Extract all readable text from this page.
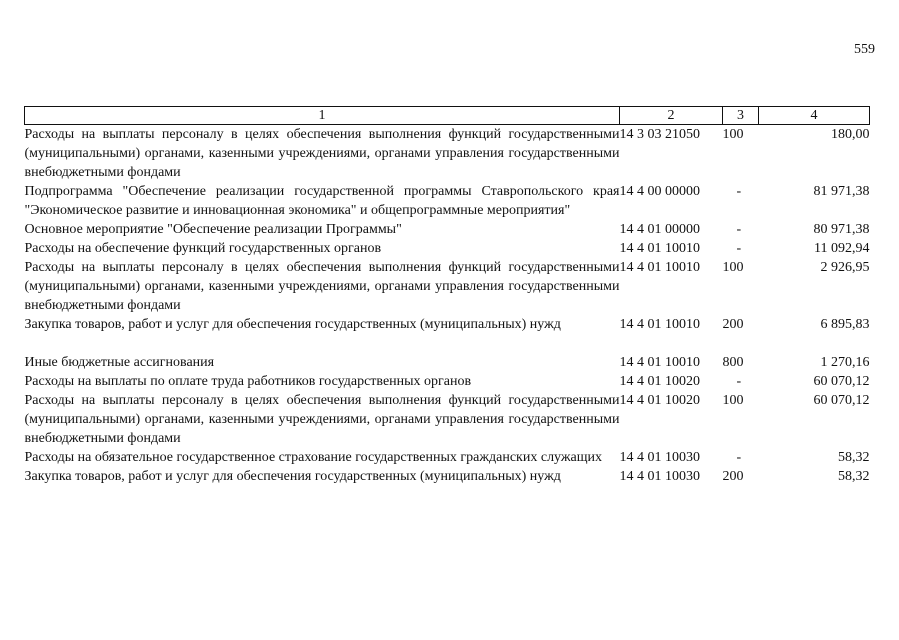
559
1	2	3	4
Расходы на выплаты персоналу в целях обеспечения выполнения функций государственными (муниципальными) органами, казенными учреждениями, органами управления государственными внебюджетными фондами	14 3 03 21050	100	180,00
Подпрограмма "Обеспечение реализации государственной программы Ставропольского края "Экономическое развитие и инновационная экономика" и общепрограммные мероприятия"	14 4 00 00000	-	81 971,38
Основное мероприятие "Обеспечение реализации Программы"	14 4 01 00000	-	80 971,38
Расходы на обеспечение функций государственных органов	14 4 01 10010	-	11 092,94
Расходы на выплаты персоналу в целях обеспечения выполнения функций государственными (муниципальными) органами, казенными учреждениями, органами управления государственными внебюджетными фондами	14 4 01 10010	100	2 926,95
Закупка товаров, работ и услуг для обеспечения государственных (муниципальных) нужд	14 4 01 10010	200	6 895,83
Иные бюджетные ассигнования	14 4 01 10010	800	1 270,16
Расходы на выплаты по оплате труда работников государственных органов	14 4 01 10020	-	60 070,12
Расходы на выплаты персоналу в целях обеспечения выполнения функций государственными (муниципальными) органами, казенными учреждениями, органами управления государственными внебюджетными фондами	14 4 01 10020	100	60 070,12
Расходы на обязательное государственное страхование государственных гражданских служащих	14 4 01 10030	-	58,32
Закупка товаров, работ и услуг для обеспечения государственных (муниципальных) нужд	14 4 01 10030	200	58,32
